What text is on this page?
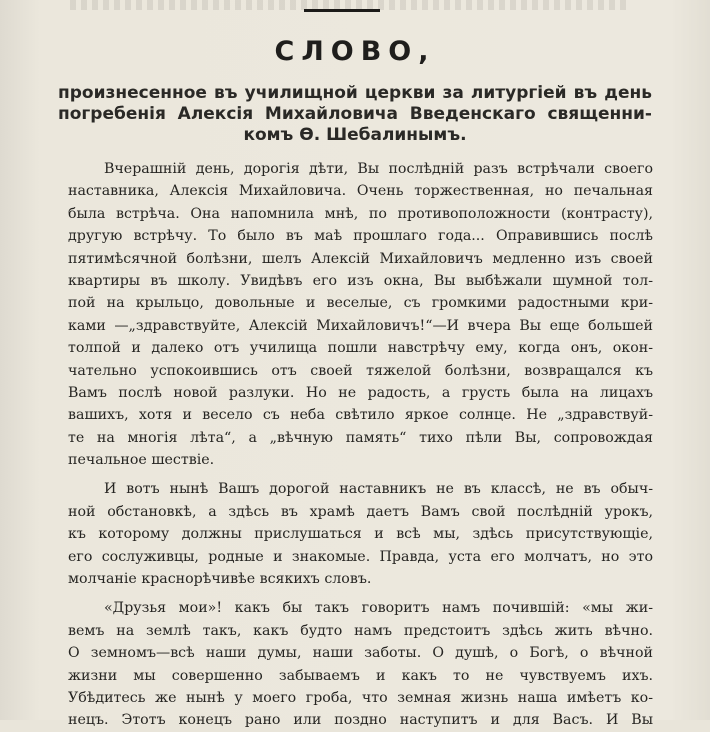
СЛОВО,
произнесенное въ училищной церкви за литургіей въ день
погребенія Алексія Михайловича Введенскаго священни-
комъ Ѳ. Шебалинымъ.
Вчерашній день, дорогія дѣти, Вы послѣдній разъ встрѣчали своего
наставника, Алексія Михайловича. Очень торжественная, но печальная
была встрѣча. Она напомнила мнѣ, по противоположности (контрасту),
другую встрѣчу. То было въ маѣ прошлаго года... Оправившись послѣ
пятимѣсячной болѣзни, шелъ Алексій Михайловичъ медленно изъ своей
квартиры въ школу. Увидѣвъ его изъ окна, Вы выбѣжали шумной тол-
пой на крыльцо, довольные и веселые, съ громкими радостными кри-
ками —„здравствуйте, Алексій Михайловичъ!“—И вчера Вы еще большей
толпой и далеко отъ училища пошли навстрѣчу ему, когда онъ, окон-
чательно успокоившись отъ своей тяжелой болѣзни, возвращался къ
Вамъ послѣ новой разлуки. Но не радость, а грусть была на лицахъ
вашихъ, хотя и весело съ неба свѣтило яркое солнце. Не „здравствуй-
те на многія лѣта“, а „вѣчную память“ тихо пѣли Вы, сопровождая
печальное шествіе.
И вотъ нынѣ Вашъ дорогой наставникъ не въ классѣ, не въ обыч-
ной обстановкѣ, а здѣсь въ храмѣ даетъ Вамъ свой послѣдній урокъ,
къ которому должны прислушаться и всѣ мы, здѣсь присутствующіе,
его сослуживцы, родные и знакомые. Правда, уста его молчатъ, но это
молчаніе краснорѣчивѣе всякихъ словъ.
«Друзья мои»! какъ бы такъ говоритъ намъ почившій: «мы жи-
вемъ на землѣ такъ, какъ будто намъ предстоитъ здѣсь жить вѣчно.
О земномъ—всѣ наши думы, наши заботы. О душѣ, о Богѣ, о вѣчной
жизни мы совершенно забываемъ и какъ то не чувствуемъ ихъ.
Убѣдитесь же нынѣ у моего гроба, что земная жизнь наша имѣетъ ко-
нецъ. Этотъ конецъ рано или поздно наступитъ и для Васъ. И Вы
